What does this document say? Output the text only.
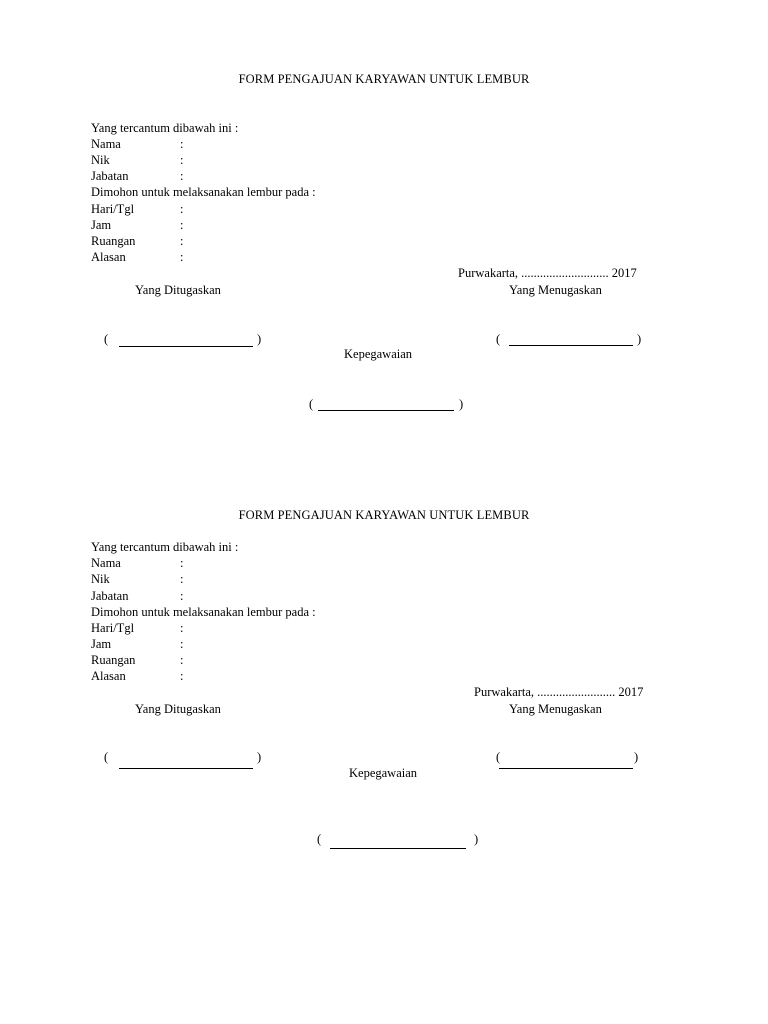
FORM PENGAJUAN KARYAWAN UNTUK LEMBUR
Yang tercantum dibawah ini :
Nama	:
Nik	:
Jabatan	:
Dimohon untuk melaksanakan lembur pada :
Hari/Tgl	:
Jam	:
Ruangan	:
Alasan	:
Purwakarta, ............................ 2017
Yang Ditugaskan	Yang Menugaskan
(	)	(	)
Kepegawaian
(	)
FORM PENGAJUAN KARYAWAN UNTUK LEMBUR
Yang tercantum dibawah ini :
Nama	:
Nik	:
Jabatan	:
Dimohon untuk melaksanakan lembur pada :
Hari/Tgl	:
Jam	:
Ruangan	:
Alasan	:
Purwakarta, ......................... 2017
Yang Ditugaskan	Yang Menugaskan
(	)	(	)
Kepegawaian
(	)
